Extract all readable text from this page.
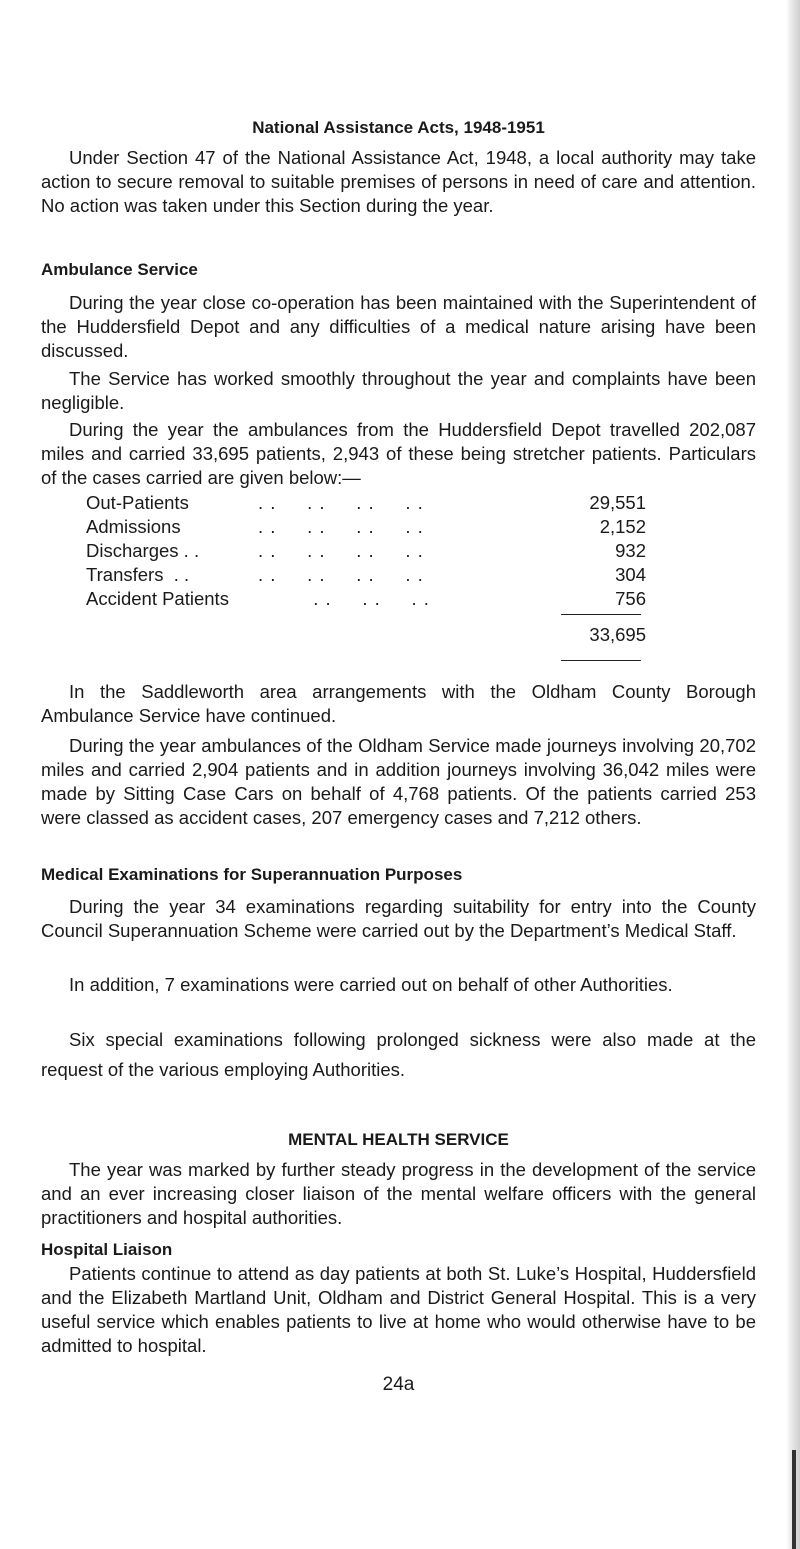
National Assistance Acts, 1948-1951

Under Section 47 of the National Assistance Act, 1948, a local authority may take action to secure removal to suitable premises of persons in need of care and attention. No action was taken under this Section during the year.

Ambulance Service

During the year close co-operation has been maintained with the Superintendent of the Huddersfield Depot and any difficulties of a medical nature arising have been discussed.

The Service has worked smoothly throughout the year and complaints have been negligible.

During the year the ambulances from the Huddersfield Depot travelled 202,087 miles and carried 33,695 patients, 2,943 of these being stretcher patients. Particulars of the cases carried are given below:—

Out-Patients	. .     . .     . .     . .	29,551
Admissions	. .     . .     . .     . .	2,152
Discharges . .	. .     . .     . .     . .	932
Transfers  . .	. .     . .     . .     . .	304
Accident Patients . .     . .     . .	756
33,695

In the Saddleworth area arrangements with the Oldham County Borough Ambulance Service have continued.

During the year ambulances of the Oldham Service made journeys involving 20,702 miles and carried 2,904 patients and in addition journeys involving 36,042 miles were made by Sitting Case Cars on behalf of 4,768 patients. Of the patients carried 253 were classed as accident cases, 207 emergency cases and 7,212 others.

Medical Examinations for Superannuation Purposes

During the year 34 examinations regarding suitability for entry into the County Council Superannuation Scheme were carried out by the Department’s Medical Staff.

In addition, 7 examinations were carried out on behalf of other Authorities.

Six special examinations following prolonged sickness were also made at the request of the various employing Authorities.

MENTAL HEALTH SERVICE

The year was marked by further steady progress in the development of the service and an ever increasing closer liaison of the mental welfare officers with the general practitioners and hospital authorities.

Hospital Liaison

Patients continue to attend as day patients at both St. Luke’s Hospital, Huddersfield and the Elizabeth Martland Unit, Oldham and District General Hospital. This is a very useful service which enables patients to live at home who would otherwise have to be admitted to hospital.

24a
